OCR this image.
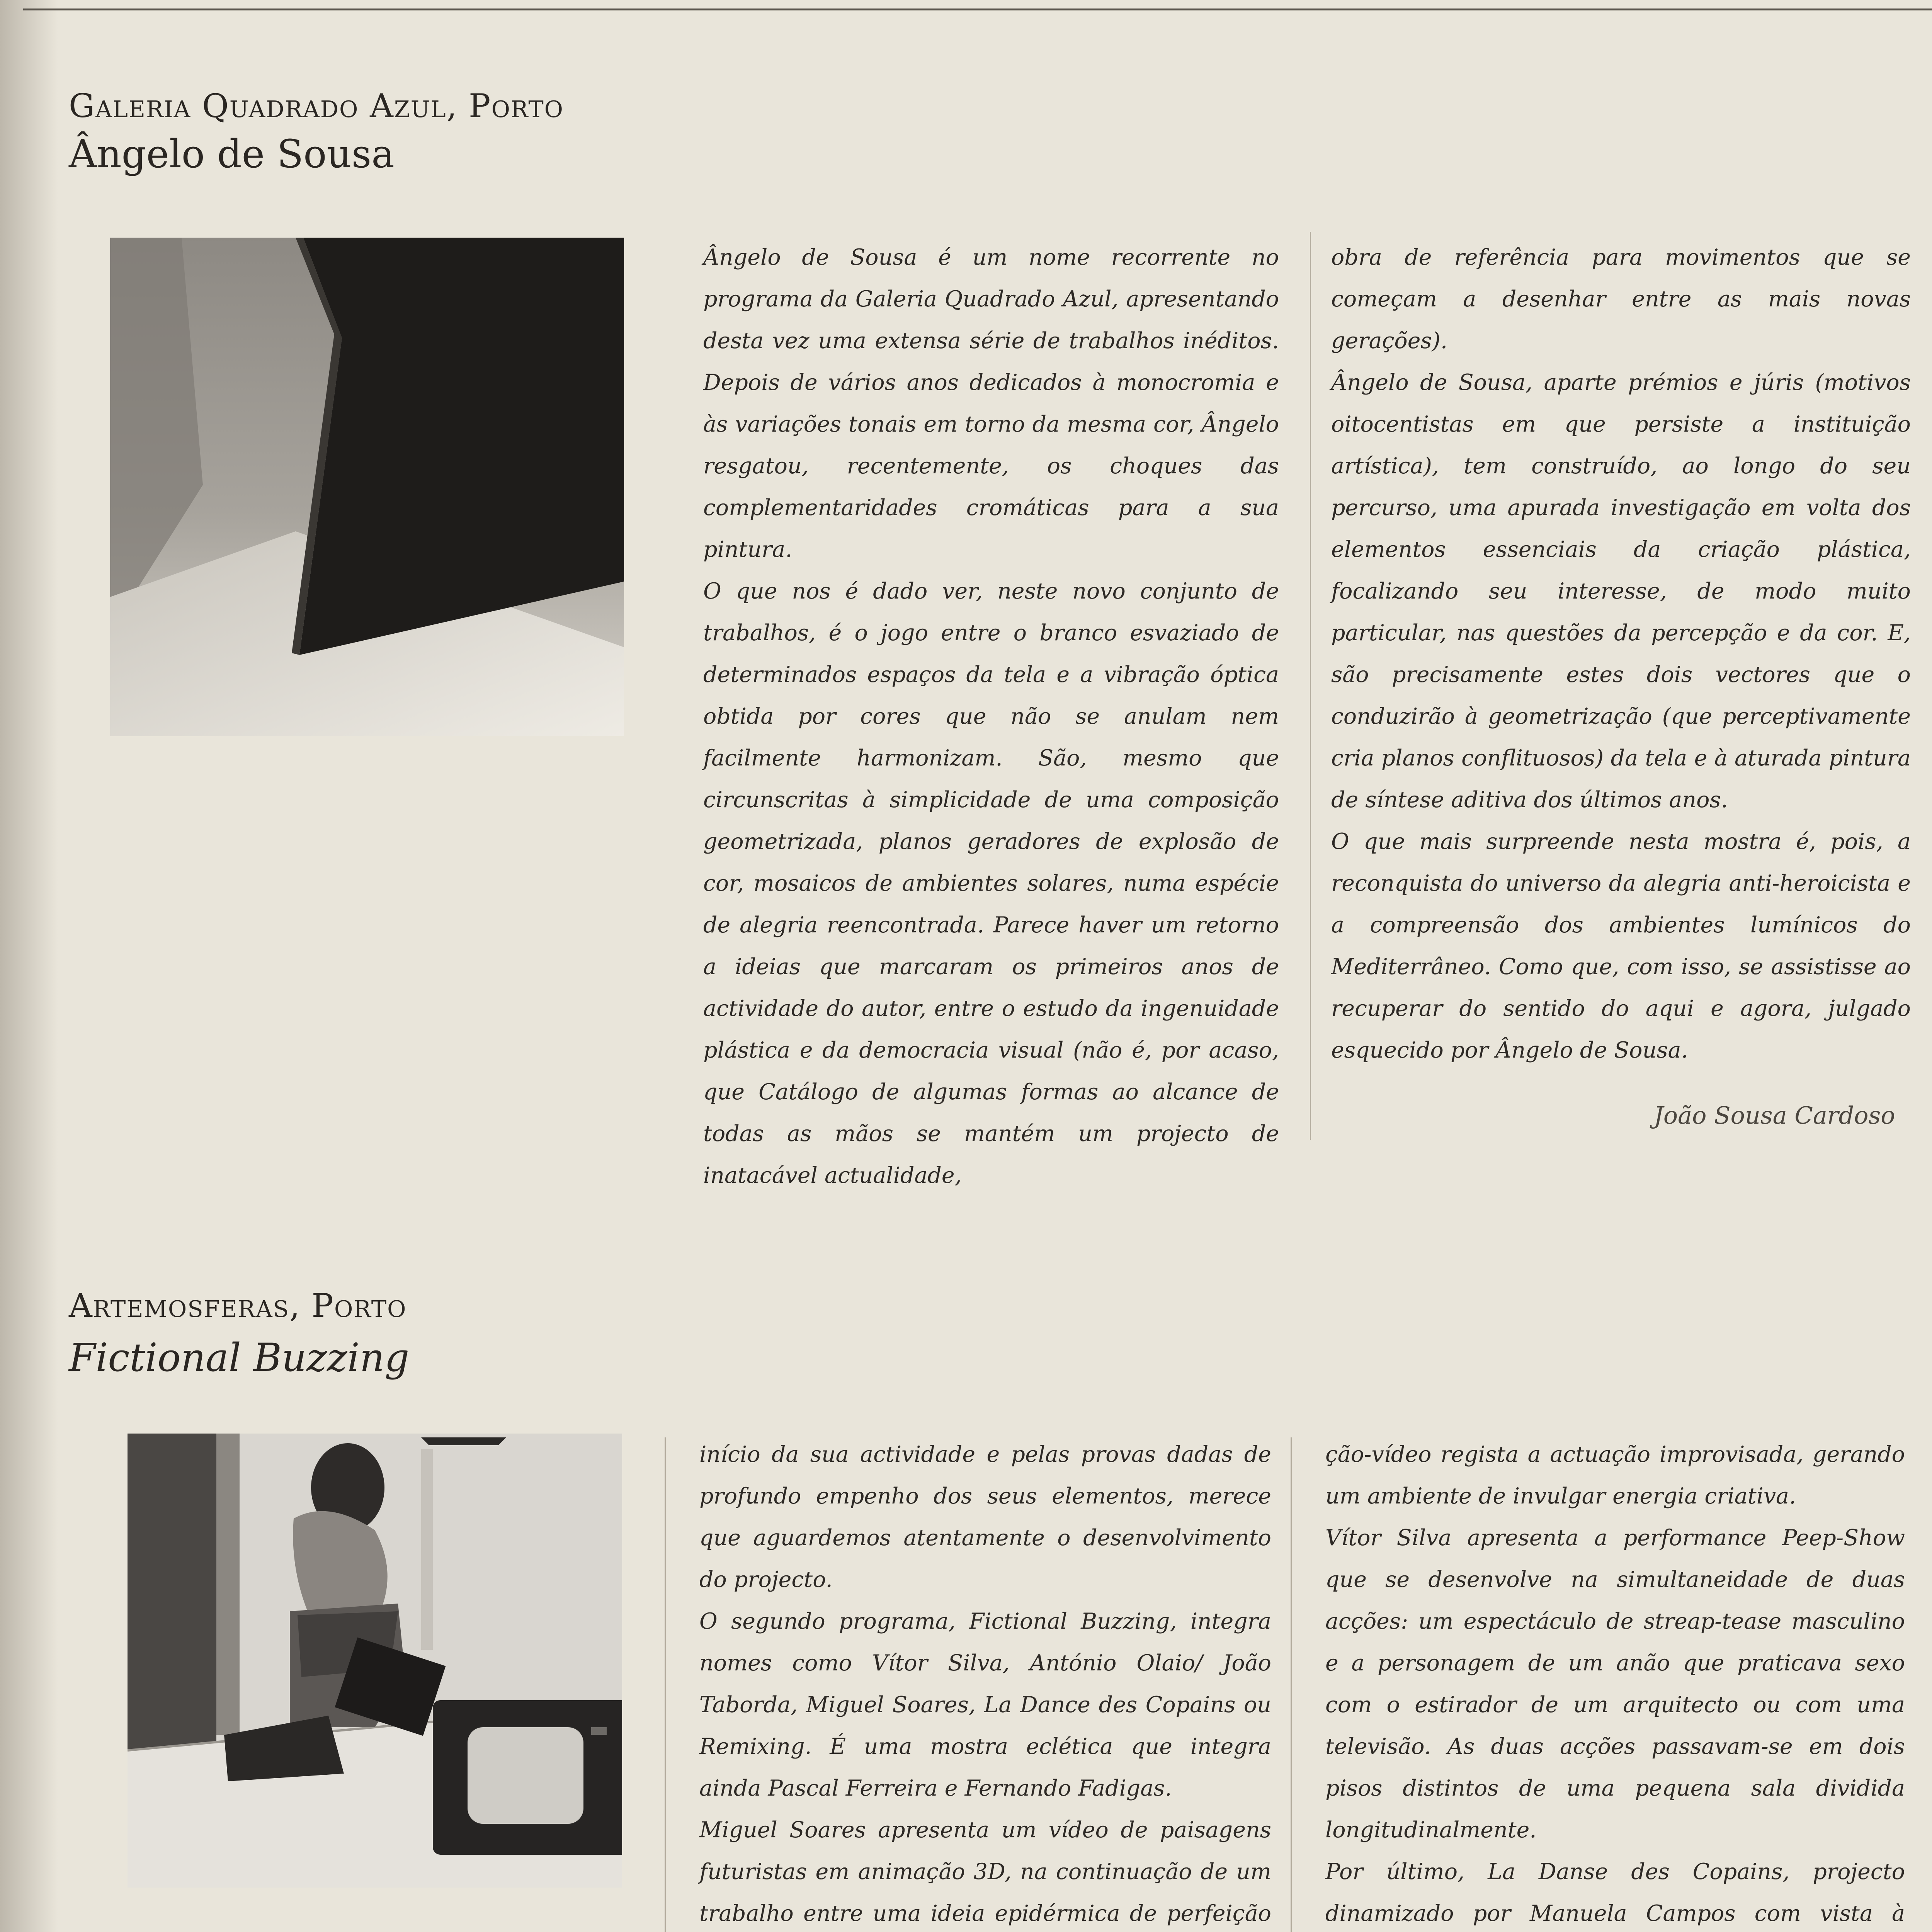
Galeria Quadrado Azul, Porto
Ângelo de Sousa

Ângelo de Sousa é um nome recorrente no programa da Galeria Quadrado Azul, apresentando desta vez uma extensa série de trabalhos inéditos. Depois de vários anos dedicados à monocromia e às variações tonais em torno da mesma cor, Ângelo resgatou, recentemente, os choques das complementaridades cromáticas para a sua pintura.

O que nos é dado ver, neste novo conjunto de trabalhos, é o jogo entre o branco esvaziado de determinados espaços da tela e a vibração óptica obtida por cores que não se anulam nem facilmente harmonizam. São, mesmo que circunscritas à simplicidade de uma composição geometrizada, planos geradores de explosão de cor, mosaicos de ambientes solares, numa espécie de alegria reencontrada. Parece haver um retorno a ideias que marcaram os primeiros anos de actividade do autor, entre o estudo da ingenuidade plástica e da democracia visual (não é, por acaso, que Catálogo de algumas formas ao alcance de todas as mãos se mantém um projecto de inatacável actualidade,

obra de referência para movimentos que se começam a desenhar entre as mais novas gerações).

Ângelo de Sousa, aparte prémios e júris (motivos oitocentistas em que persiste a instituição artística), tem construído, ao longo do seu percurso, uma apurada investigação em volta dos elementos essenciais da criação plástica, focalizando seu interesse, de modo muito particular, nas questões da percepção e da cor. E, são precisamente estes dois vectores que o conduzirão à geometrização (que perceptivamente cria planos conflituosos) da tela e à aturada pintura de síntese aditiva dos últimos anos.

O que mais surpreende nesta mostra é, pois, a reconquista do universo da alegria anti-heroicista e a compreensão dos ambientes lumínicos do Mediterrâneo. Como que, com isso, se assistisse ao recuperar do sentido do aqui e agora, julgado esquecido por Ângelo de Sousa.

João Sousa Cardoso
Artemosferas, Porto
Fictional Buzzing

início da sua actividade e pelas provas dadas de profundo empenho dos seus elementos, merece que aguardemos atentamente o desenvolvimento do projecto.

O segundo programa, Fictional Buzzing, integra nomes como Vítor Silva, António Olaio/ João Taborda, Miguel Soares, La Dance des Copains ou Remixing. É uma mostra eclética que integra ainda Pascal Ferreira e Fernando Fadigas.

Miguel Soares apresenta um vídeo de paisagens futuristas em animação 3D, na continuação de um trabalho entre uma ideia epidérmica de perfeição

ção-vídeo regista a actuação improvisada, gerando um ambiente de invulgar energia criativa.

Vítor Silva apresenta a performance Peep-Show que se desenvolve na simultaneidade de duas acções: um espectáculo de streap-tease masculino e a personagem de um anão que praticava sexo com o estirador de um arquitecto ou com uma televisão. As duas acções passavam-se em dois pisos distintos de uma pequena sala dividida longitudinalmente.

Por último, La Danse des Copains, projecto dinamizado por Manuela Campos com vista à
